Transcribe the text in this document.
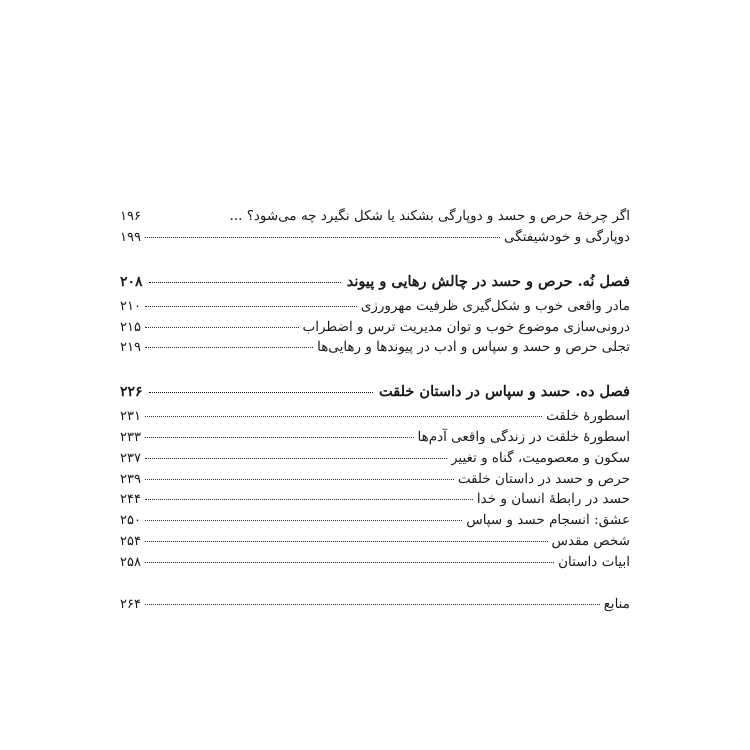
اگر چرخهٔ حرص و حسد و دوپارگی بشکند یا شکل نگیرد چه می‌شود؟ ...
۱۹۶
دوپارگی و خودشیفتگی
۱۹۹
فصل نُه. حرص و حسد در چالش رهایی و پیوند
۲۰۸
مادر واقعی خوب و شکل‌گیری ظرفیت مهرورزی
۲۱۰
درونی‌سازی موضوع خوب و توان مدیریت ترس و اضطراب
۲۱۵
تجلی حرص و حسد و سپاس و ادب در پیوندها و رهایی‌ها
۲۱۹
فصل ده. حسد و سپاس در داستان خلقت
۲۲۶
اسطورهٔ خلقت
۲۳۱
اسطورهٔ خلقت در زندگی واقعی آدم‌ها
۲۳۳
سکون و معصومیت، گناه و تغییر
۲۳۷
حرص و حسد در داستان خلقت
۲۳۹
حسد در رابطهٔ انسان و خدا
۲۴۴
عشق: انسجام حسد و سپاس
۲۵۰
شخص مقدس
۲۵۴
ابیات داستان
۲۵۸
منابع
۲۶۴
